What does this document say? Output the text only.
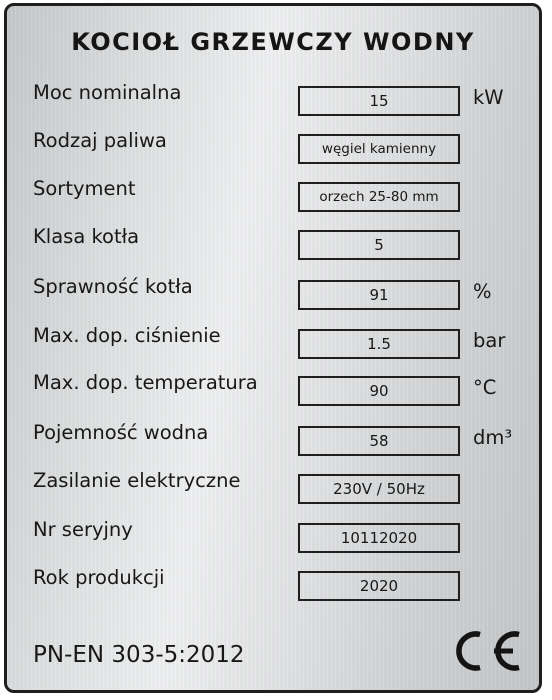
KOCIOŁ GRZEWCZY WODNY
Moc nominalna	15	kW
Rodzaj paliwa	węgiel kamienny
Sortyment	orzech 25-80 mm
Klasa kotła	5
Sprawność kotła	91	%
Max. dop. ciśnienie	1.5	bar
Max. dop. temperatura	90	°C
Pojemność wodna	58	dm³
Zasilanie elektryczne	230V / 50Hz
Nr seryjny	10112020
Rok produkcji	2020
PN-EN 303-5:2012
